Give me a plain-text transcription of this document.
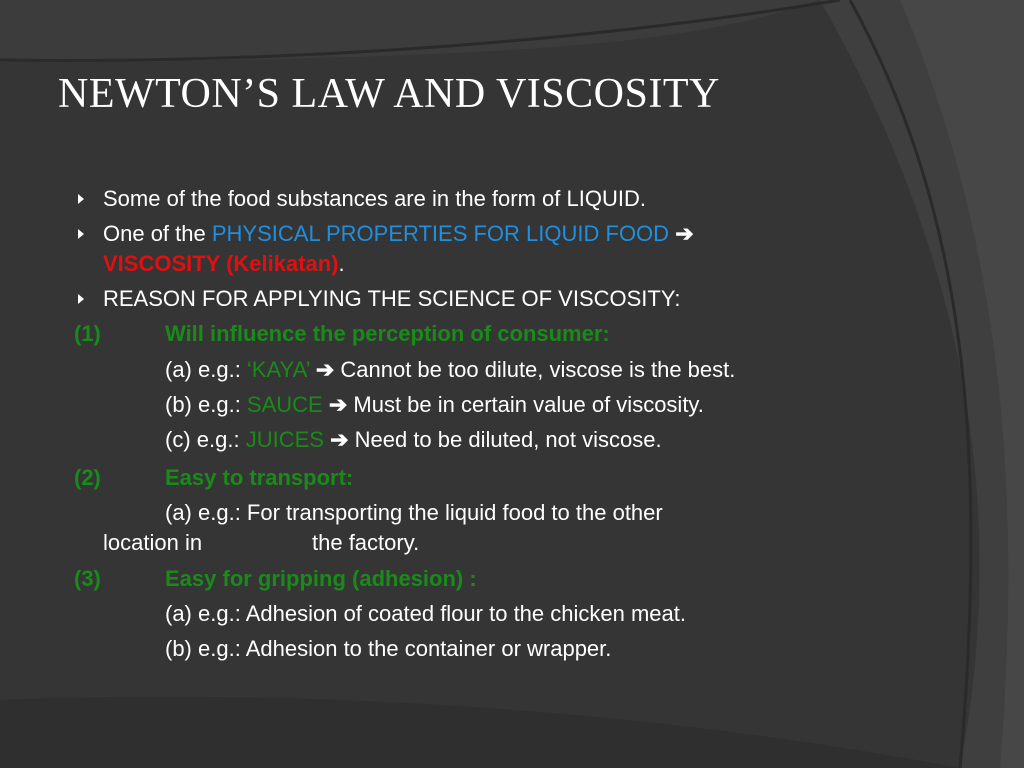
NEWTON’S LAW AND VISCOSITY
Some of the food substances are in the form of LIQUID.
One of the PHYSICAL PROPERTIES FOR LIQUID FOOD ➔
VISCOSITY (Kelikatan).
REASON FOR APPLYING THE SCIENCE OF VISCOSITY:
(1)	Will influence the perception of consumer:
(a) e.g.: ‘KAYA’ ➔ Cannot be too dilute, viscose is the best.
(b) e.g.: SAUCE ➔ Must be in certain value of viscosity.
(c) e.g.: JUICES ➔ Need to be diluted, not viscose.
(2)	Easy to transport:
(a) e.g.: For transporting the liquid food to the other
location in	the factory.
(3)	Easy for gripping (adhesion) :
(a) e.g.: Adhesion of coated flour to the chicken meat.
(b) e.g.: Adhesion to the container or wrapper.
